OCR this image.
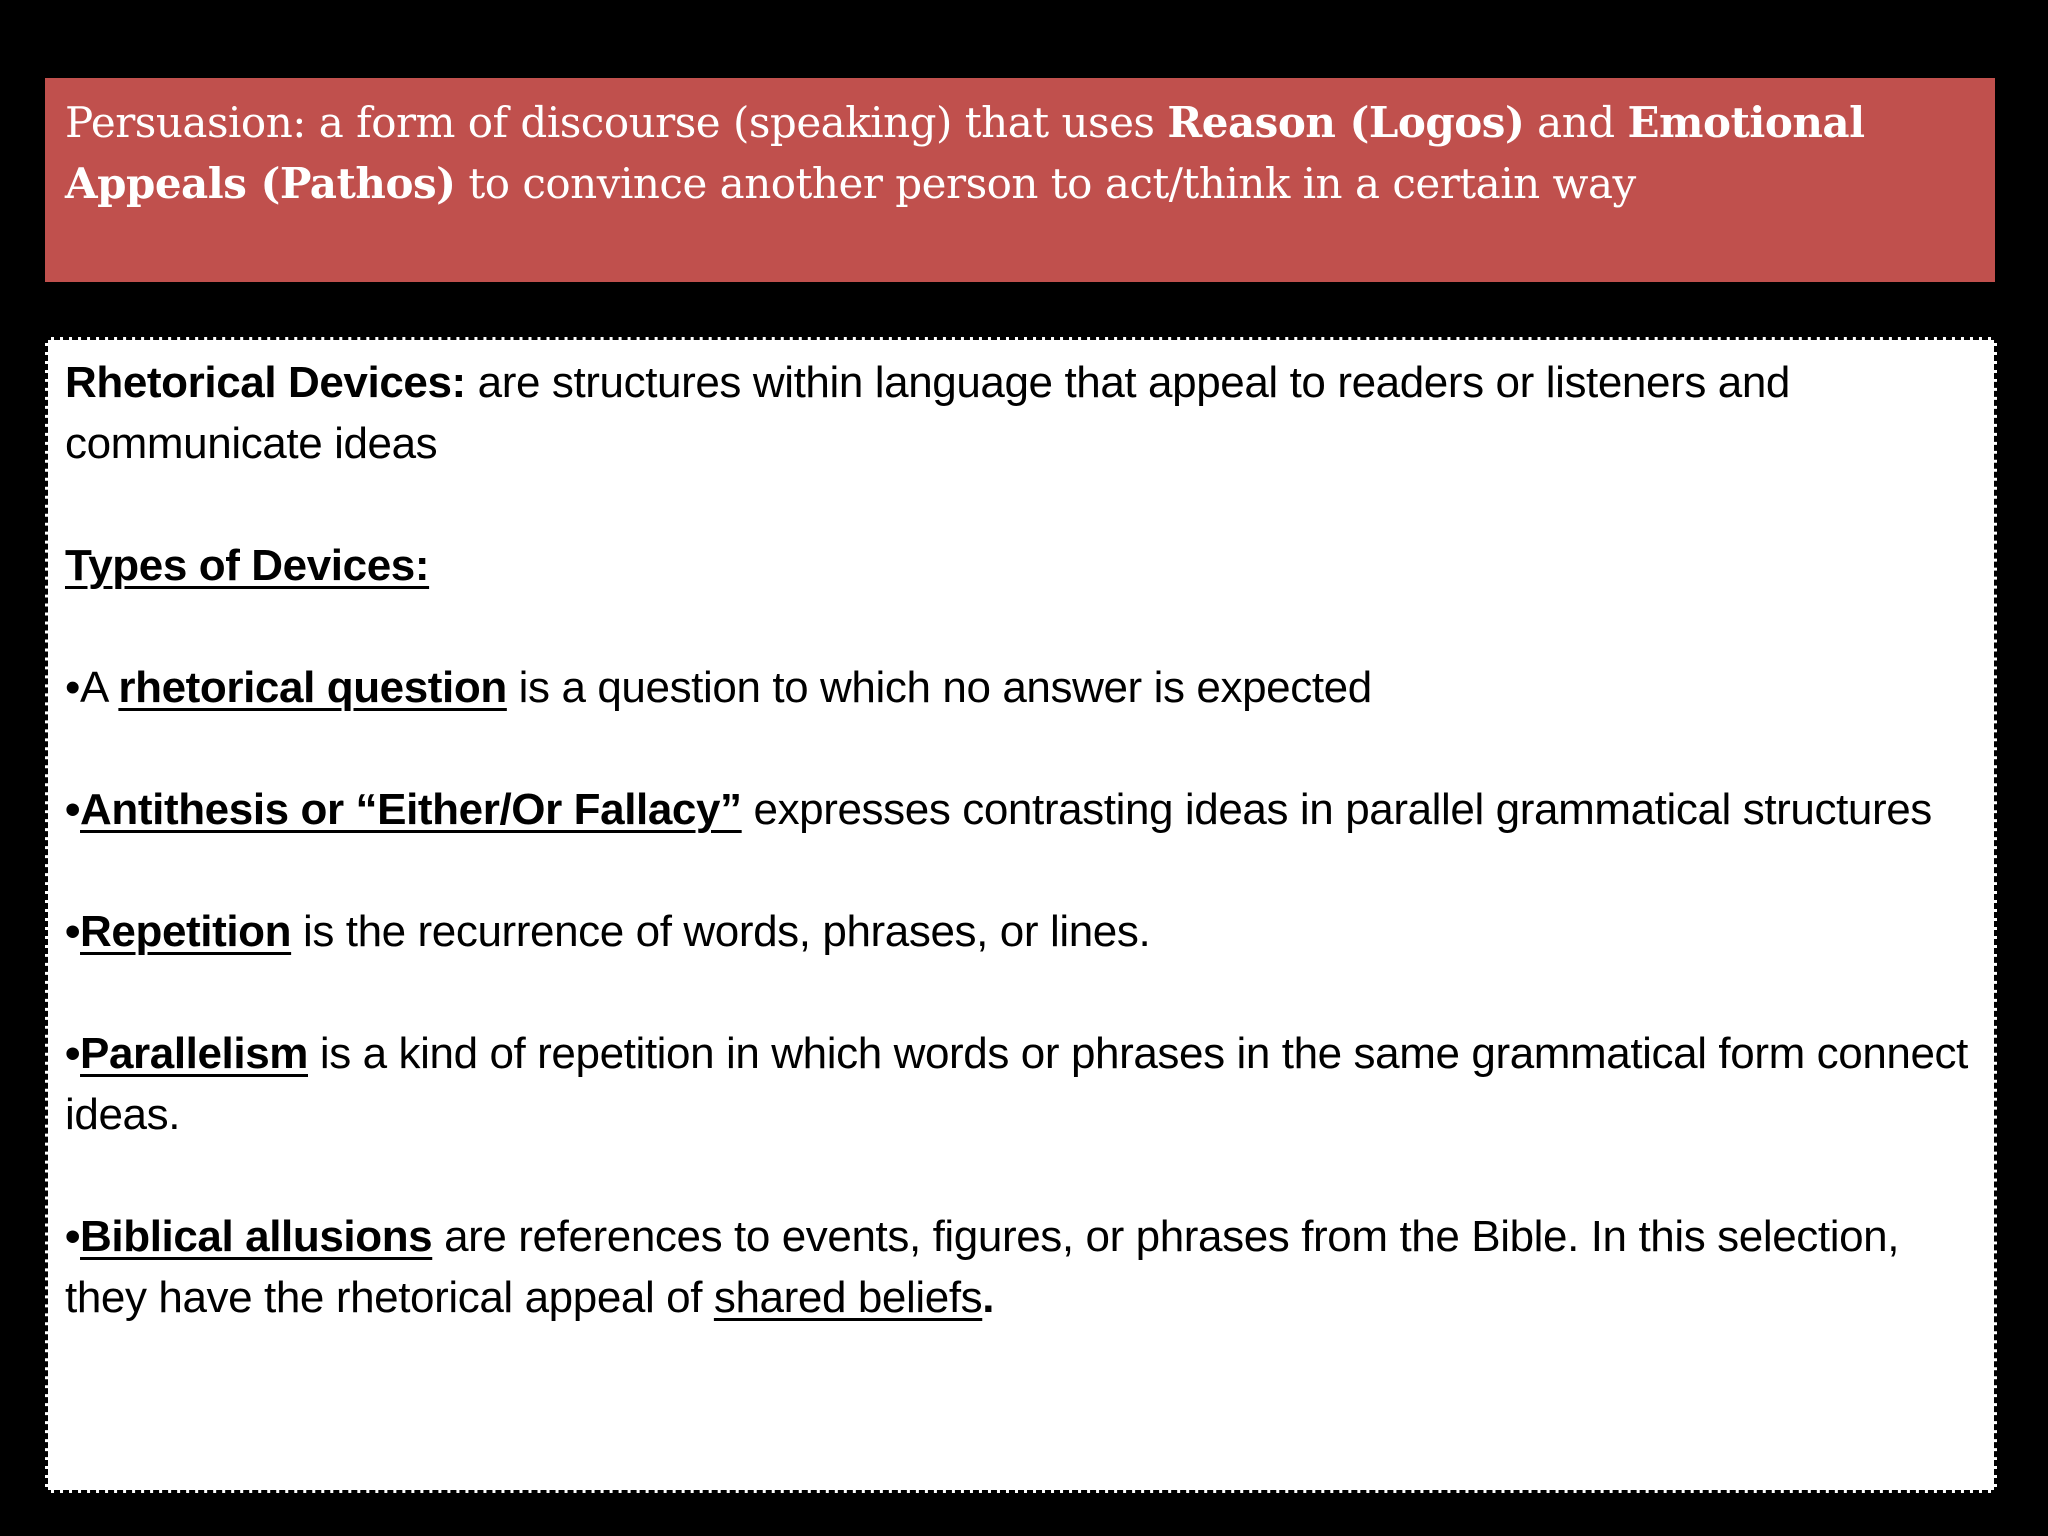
Persuasion: a form of discourse (speaking) that uses Reason (Logos) and Emotional Appeals (Pathos) to convince another person to act/think in a certain way

Rhetorical Devices: are structures within language that appeal to readers or listeners and communicate ideas

Types of Devices:

•A rhetorical question is a question to which no answer is expected

•Antithesis or “Either/Or Fallacy” expresses contrasting ideas in parallel grammatical structures

•Repetition is the recurrence of words, phrases, or lines.

•Parallelism is a kind of repetition in which words or phrases in the same grammatical form connect ideas.

•Biblical allusions are references to events, figures, or phrases from the Bible. In this selection, they have the rhetorical appeal of shared beliefs.
